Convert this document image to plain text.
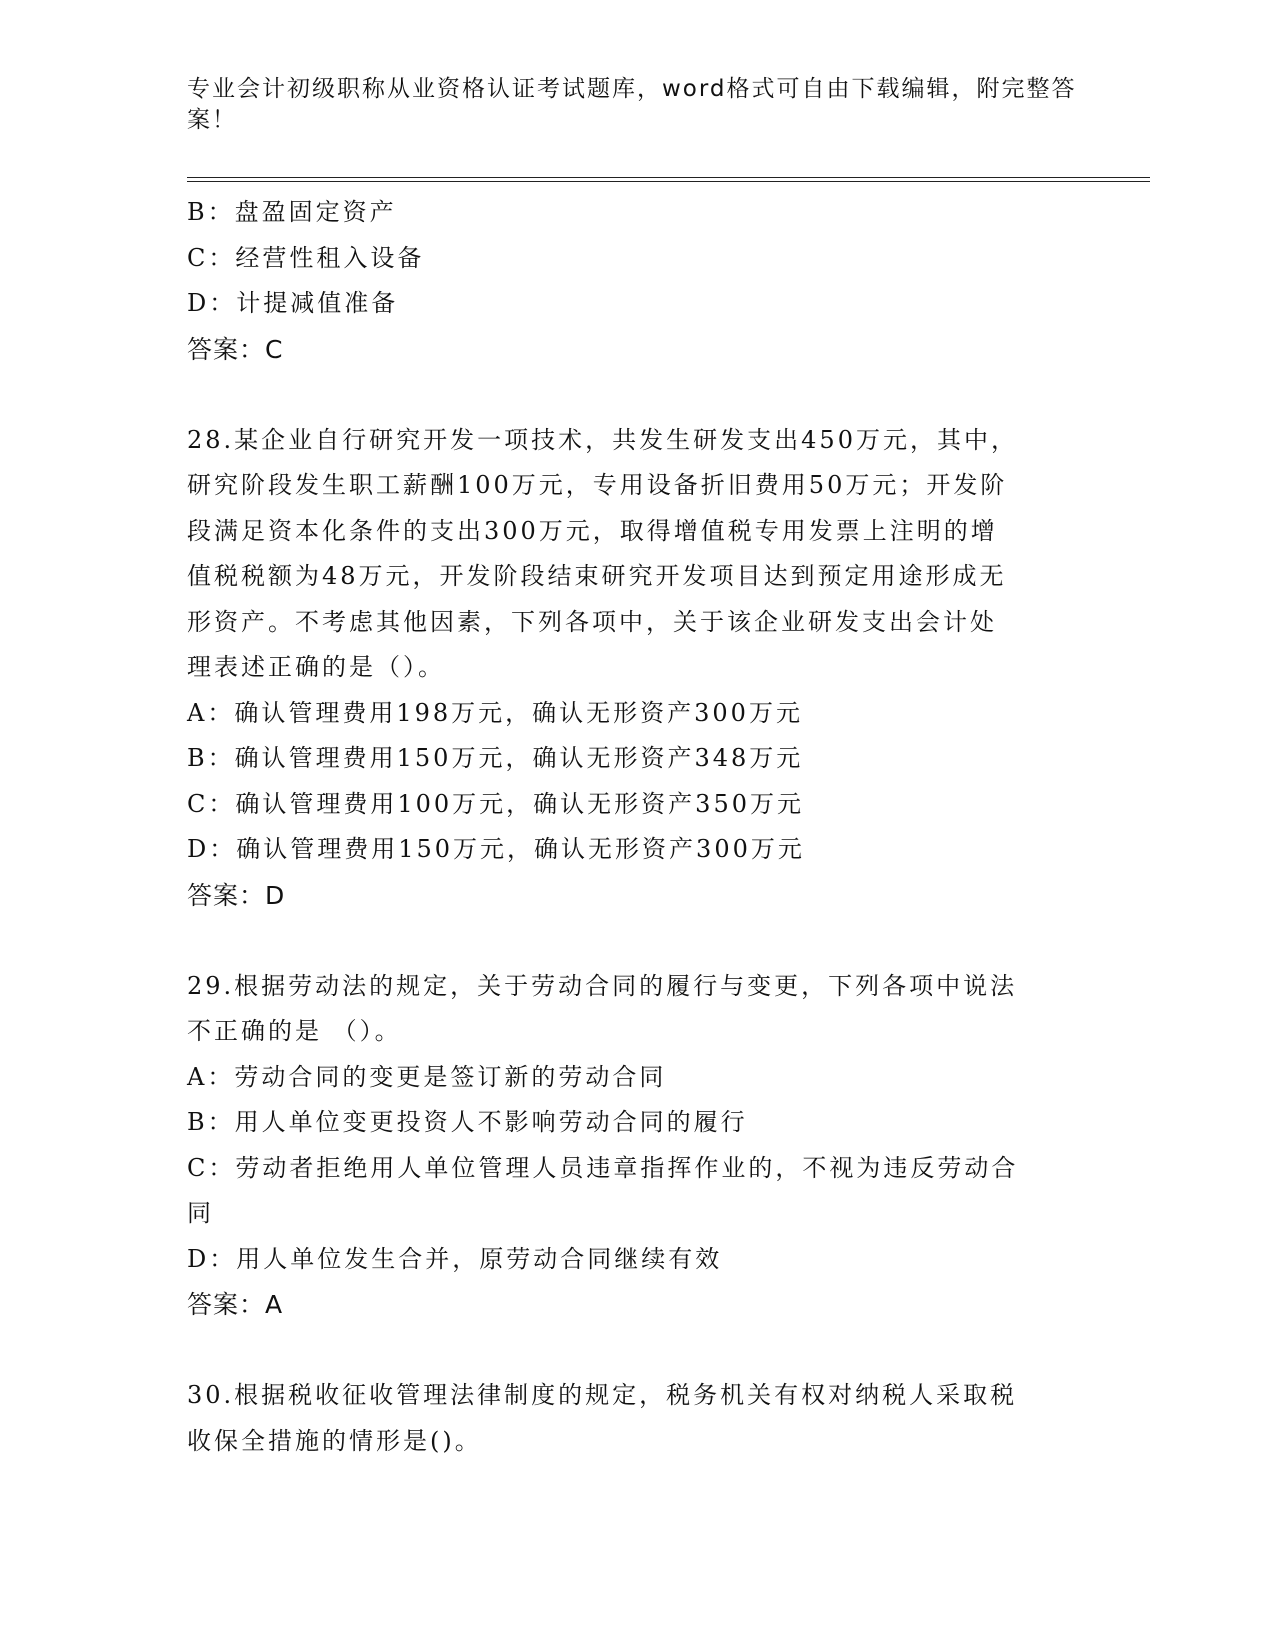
专业会计初级职称从业资格认证考试题库，word格式可自由下载编辑，附完整答案！
B：盘盈固定资产
C：经营性租入设备
D：计提减值准备
答案：C
28.某企业自行研究开发一项技术，共发生研发支出450万元，其中，
研究阶段发生职工薪酬100万元，专用设备折旧费用50万元；开发阶
段满足资本化条件的支出300万元，取得增值税专用发票上注明的增
值税税额为48万元，开发阶段结束研究开发项目达到预定用途形成无
形资产。不考虑其他因素，下列各项中，关于该企业研发支出会计处
理表述正确的是（）。
A：确认管理费用198万元，确认无形资产300万元
B：确认管理费用150万元，确认无形资产348万元
C：确认管理费用100万元，确认无形资产350万元
D：确认管理费用150万元，确认无形资产300万元
答案：D
29.根据劳动法的规定，关于劳动合同的履行与变更，下列各项中说法
不正确的是 （）。
A：劳动合同的变更是签订新的劳动合同
B：用人单位变更投资人不影响劳动合同的履行
C：劳动者拒绝用人单位管理人员违章指挥作业的，不视为违反劳动合
同
D：用人单位发生合并，原劳动合同继续有效
答案：A
30.根据税收征收管理法律制度的规定，税务机关有权对纳税人采取税
收保全措施的情形是()。
